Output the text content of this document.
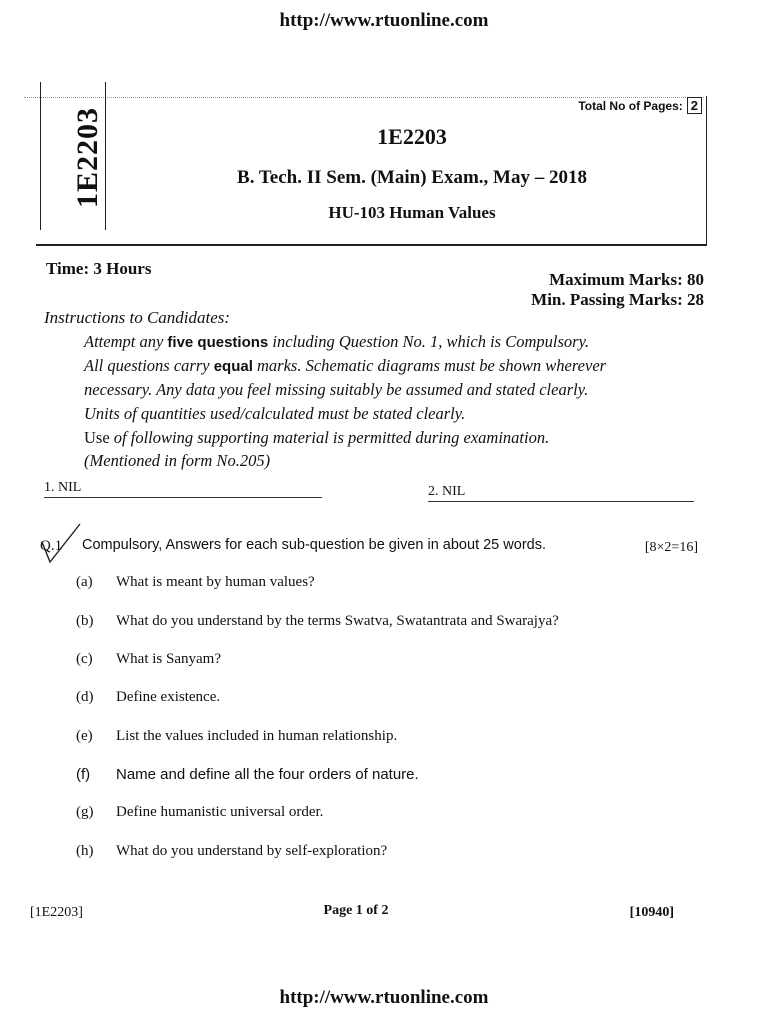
http://www.rtuonline.com
1E2203
Total No of Pages: 2
1E2203
B. Tech. II Sem. (Main) Exam., May – 2018
HU-103 Human Values
Time: 3 Hours
Maximum Marks: 80
Min. Passing Marks: 28
Instructions to Candidates:
Attempt any five questions including Question No. 1, which is Compulsory.
All questions carry equal marks. Schematic diagrams must be shown wherever
necessary. Any data you feel missing suitably be assumed and stated clearly.
Units of quantities used/calculated must be stated clearly.
Use of following supporting material is permitted during examination.
(Mentioned in form No.205)
1. NIL	2. NIL
Q.1 Compulsory, Answers for each sub-question be given in about 25 words.	[8×2=16]
(a) What is meant by human values?
(b) What do you understand by the terms Swatva, Swatantrata and Swarajya?
(c) What is Sanyam?
(d) Define existence.
(e) List the values included in human relationship.
(f) Name and define all the four orders of nature.
(g) Define humanistic universal order.
(h) What do you understand by self-exploration?
[1E2203]	Page 1 of 2	[10940]
http://www.rtuonline.com
